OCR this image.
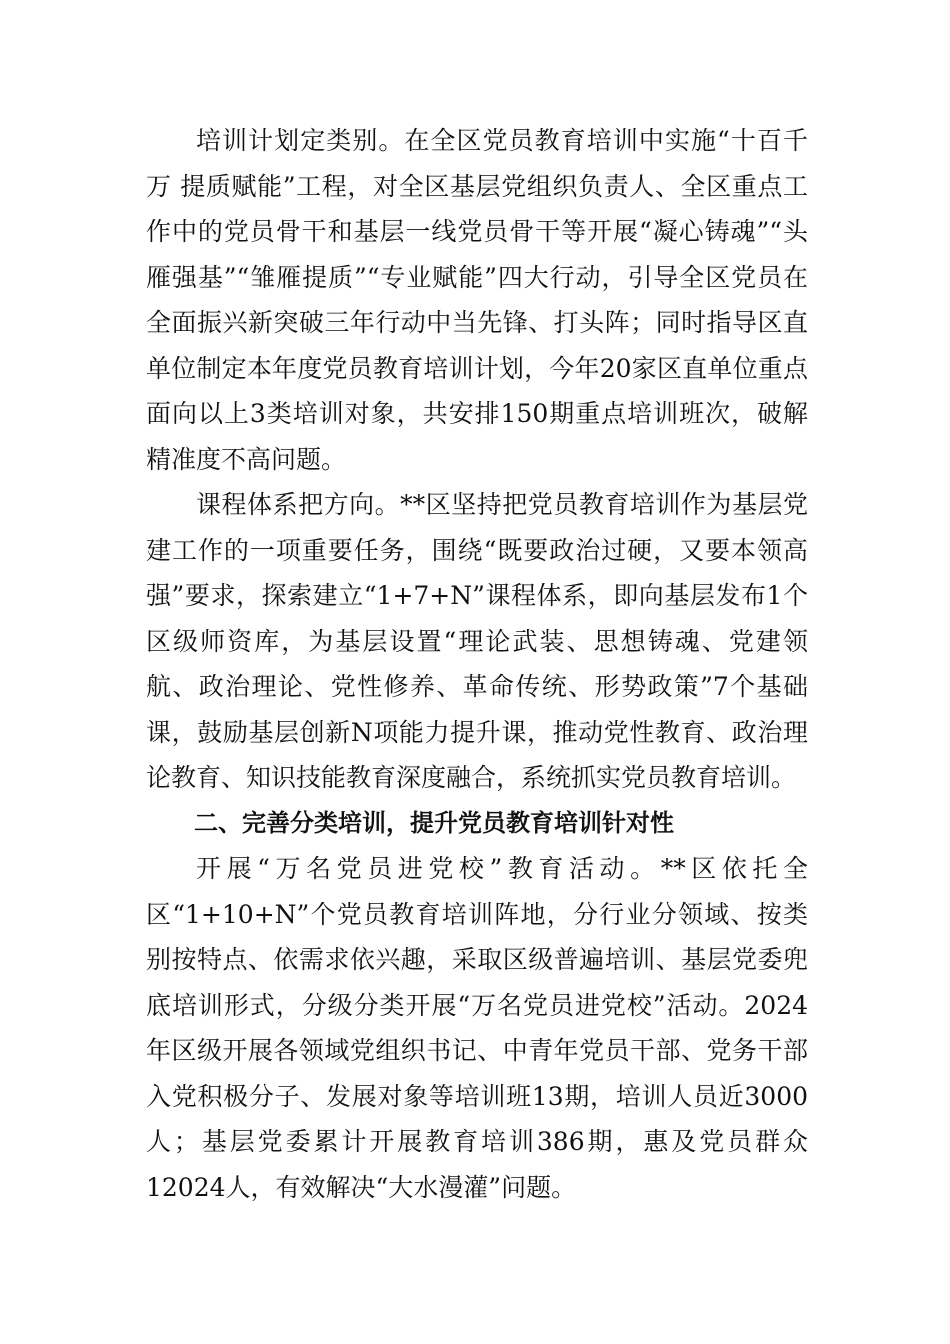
培训计划定类别。在全区党员教育培训中实施“十百千万 提质赋能”工程，对全区基层党组织负责人、全区重点工作中的党员骨干和基层一线党员骨干等开展“凝心铸魂”“头雁强基”“雏雁提质”“专业赋能”四大行动，引导全区党员在全面振兴新突破三年行动中当先锋、打头阵；同时指导区直单位制定本年度党员教育培训计划，今年20家区直单位重点面向以上3类培训对象，共安排150期重点培训班次，破解精准度不高问题。

课程体系把方向。**区坚持把党员教育培训作为基层党建工作的一项重要任务，围绕“既要政治过硬，又要本领高强”要求，探索建立“1+7+N”课程体系，即向基层发布1个区级师资库，为基层设置“理论武装、思想铸魂、党建领航、政治理论、党性修养、革命传统、形势政策”7个基础课，鼓励基层创新N项能力提升课，推动党性教育、政治理论教育、知识技能教育深度融合，系统抓实党员教育培训。

二、完善分类培训，提升党员教育培训针对性

开展“万名党员进党校”教育活动。**区依托全区“1+10+N”个党员教育培训阵地，分行业分领域、按类别按特点、依需求依兴趣，采取区级普遍培训、基层党委兜底培训形式，分级分类开展“万名党员进党校”活动。2024年区级开展各领域党组织书记、中青年党员干部、党务干部入党积极分子、发展对象等培训班13期，培训人员近3000人；基层党委累计开展教育培训386期，惠及党员群众12024人，有效解决“大水漫灌”问题。
